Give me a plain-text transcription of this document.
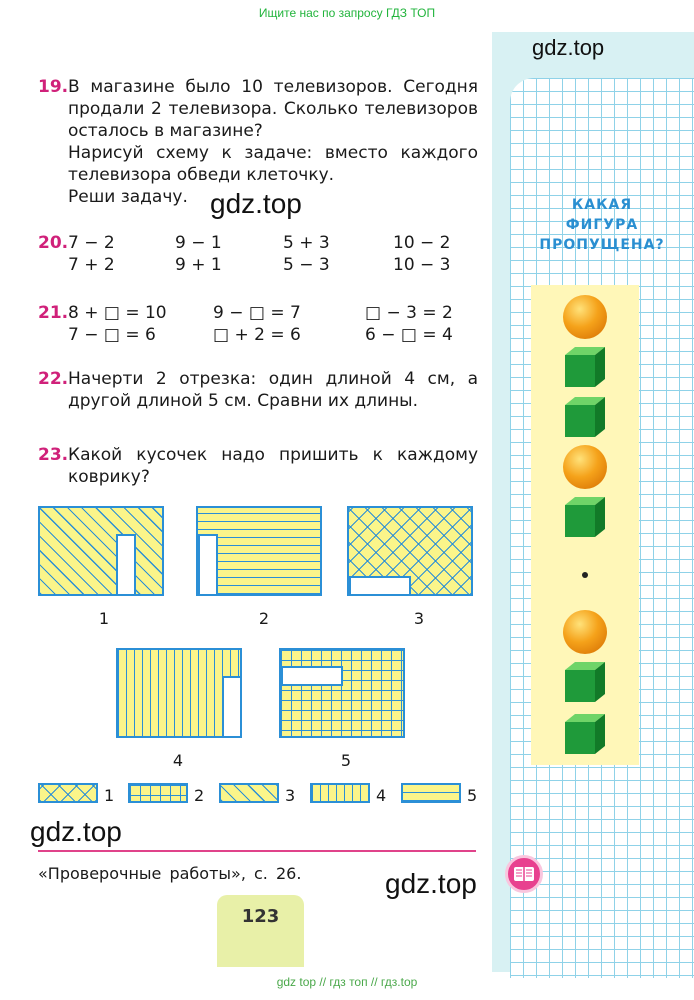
Ищите нас по запросу ГДЗ ТОП
gdz top // гдз топ // гдз.top
gdz.top
КАКАЯ
ФИГУРА
ПРОПУЩЕНА?
19. В магазине было 10 телевизоров. Сегодня продали 2 телевизора. Сколько телевизоров осталось в магазине?
Нарисуй схему к задаче: вместо каждого телевизора обведи клеточку.
Реши задачу. gdz.top
20. 7 − 2	9 − 1	5 + 3	10 − 2
7 + 2	9 + 1	5 − 3	10 − 3
21. 8 + □ = 10	9 − □ = 7	□ − 3 = 2
7 − □ = 6	□ + 2 = 6	6 − □ = 4
22. Начерти 2 отрезка: один длиной 4 см, а другой длиной 5 см. Сравни их длины.
23. Какой кусочек надо пришить к каждому коврику?
1	2	3
4	5
1	2	3	4	5
gdz.top
«Проверочные работы», с. 26.	gdz.top
123
